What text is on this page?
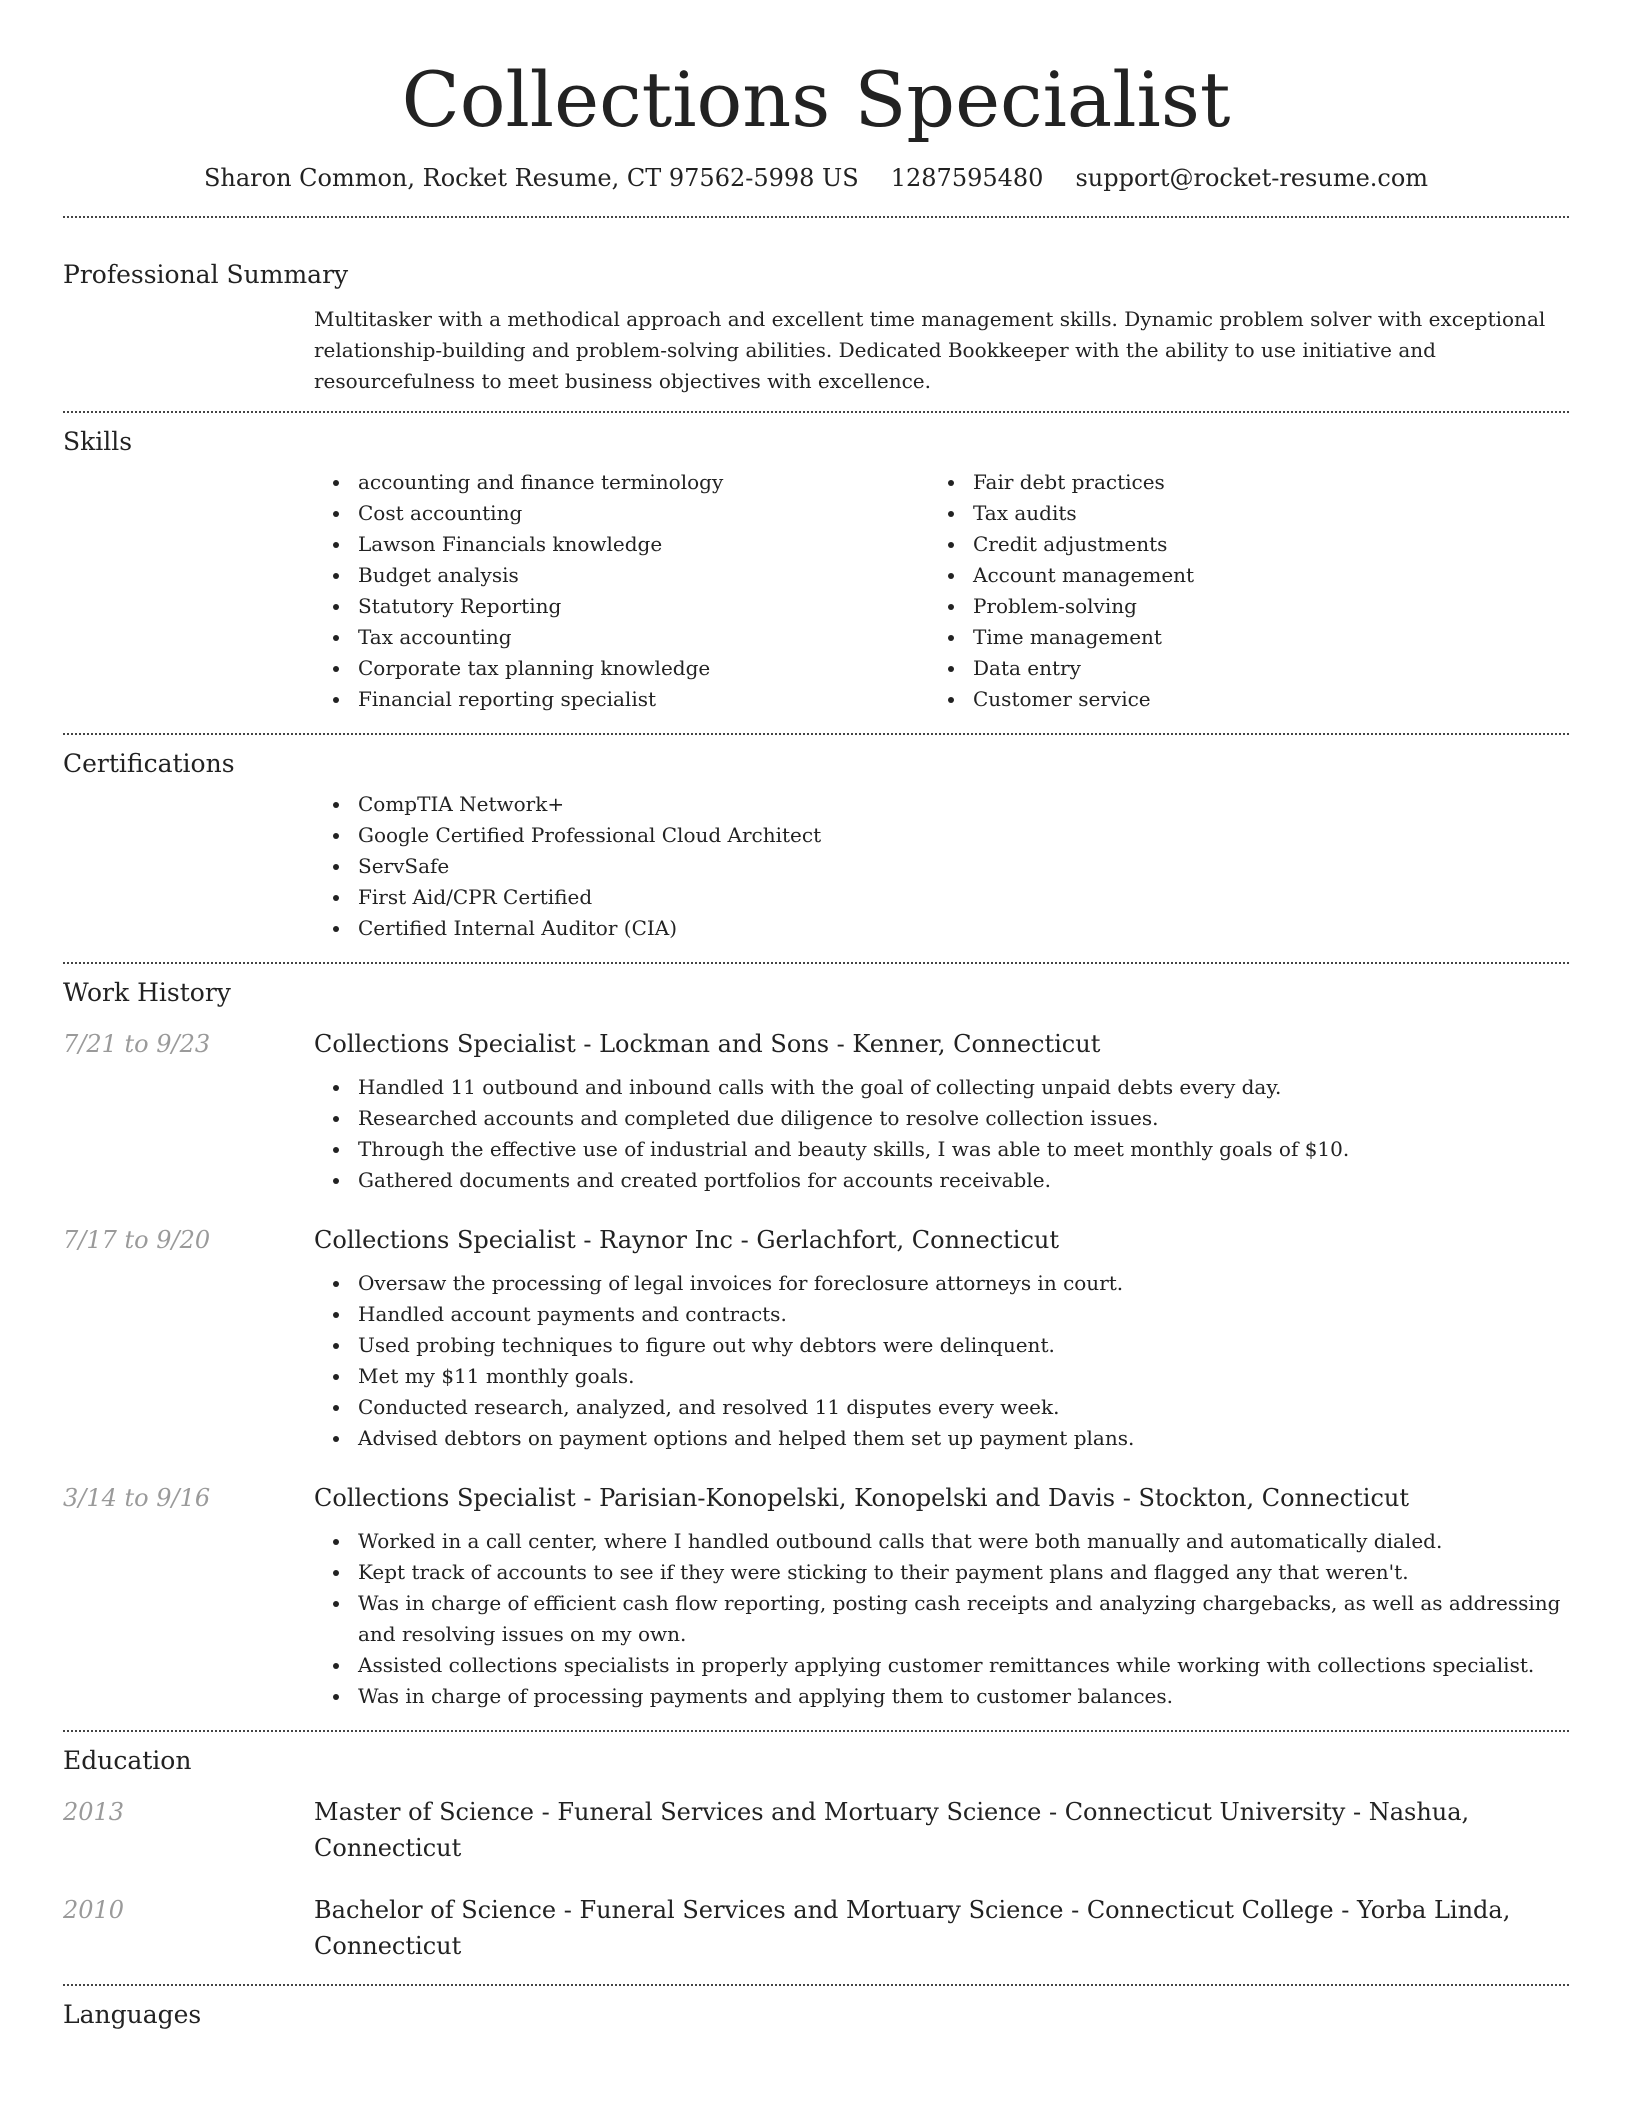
Collections Specialist
Sharon Common, Rocket Resume, CT 97562-5998 US 1287595480 support@rocket-resume.com
Professional Summary

Multitasker with a methodical approach and excellent time management skills. Dynamic problem solver with exceptional relationship-building and problem-solving abilities. Dedicated Bookkeeper with the ability to use initiative and resourcefulness to meet business objectives with excellence.

Skills
accounting and finance terminology
Cost accounting
Lawson Financials knowledge
Budget analysis
Statutory Reporting
Tax accounting
Corporate tax planning knowledge
Financial reporting specialist
Fair debt practices
Tax audits
Credit adjustments
Account management
Problem-solving
Time management
Data entry
Customer service
Certifications
CompTIA Network+
Google Certified Professional Cloud Architect
ServSafe
First Aid/CPR Certified
Certified Internal Auditor (CIA)
Work History
7/21 to 9/23	Collections Specialist - Lockman and Sons - Kenner, Connecticut
Handled 11 outbound and inbound calls with the goal of collecting unpaid debts every day.
Researched accounts and completed due diligence to resolve collection issues.
Through the effective use of industrial and beauty skills, I was able to meet monthly goals of $10.
Gathered documents and created portfolios for accounts receivable.
7/17 to 9/20	Collections Specialist - Raynor Inc - Gerlachfort, Connecticut
Oversaw the processing of legal invoices for foreclosure attorneys in court.
Handled account payments and contracts.
Used probing techniques to figure out why debtors were delinquent.
Met my $11 monthly goals.
Conducted research, analyzed, and resolved 11 disputes every week.
Advised debtors on payment options and helped them set up payment plans.
3/14 to 9/16	Collections Specialist - Parisian-Konopelski, Konopelski and Davis - Stockton, Connecticut
Worked in a call center, where I handled outbound calls that were both manually and automatically dialed.
Kept track of accounts to see if they were sticking to their payment plans and flagged any that weren't.
Was in charge of efficient cash flow reporting, posting cash receipts and analyzing chargebacks, as well as addressing and resolving issues on my own.
Assisted collections specialists in properly applying customer remittances while working with collections specialist.
Was in charge of processing payments and applying them to customer balances.
Education
2013	Master of Science - Funeral Services and Mortuary Science - Connecticut University - Nashua, Connecticut
2010	Bachelor of Science - Funeral Services and Mortuary Science - Connecticut College - Yorba Linda, Connecticut
Languages
